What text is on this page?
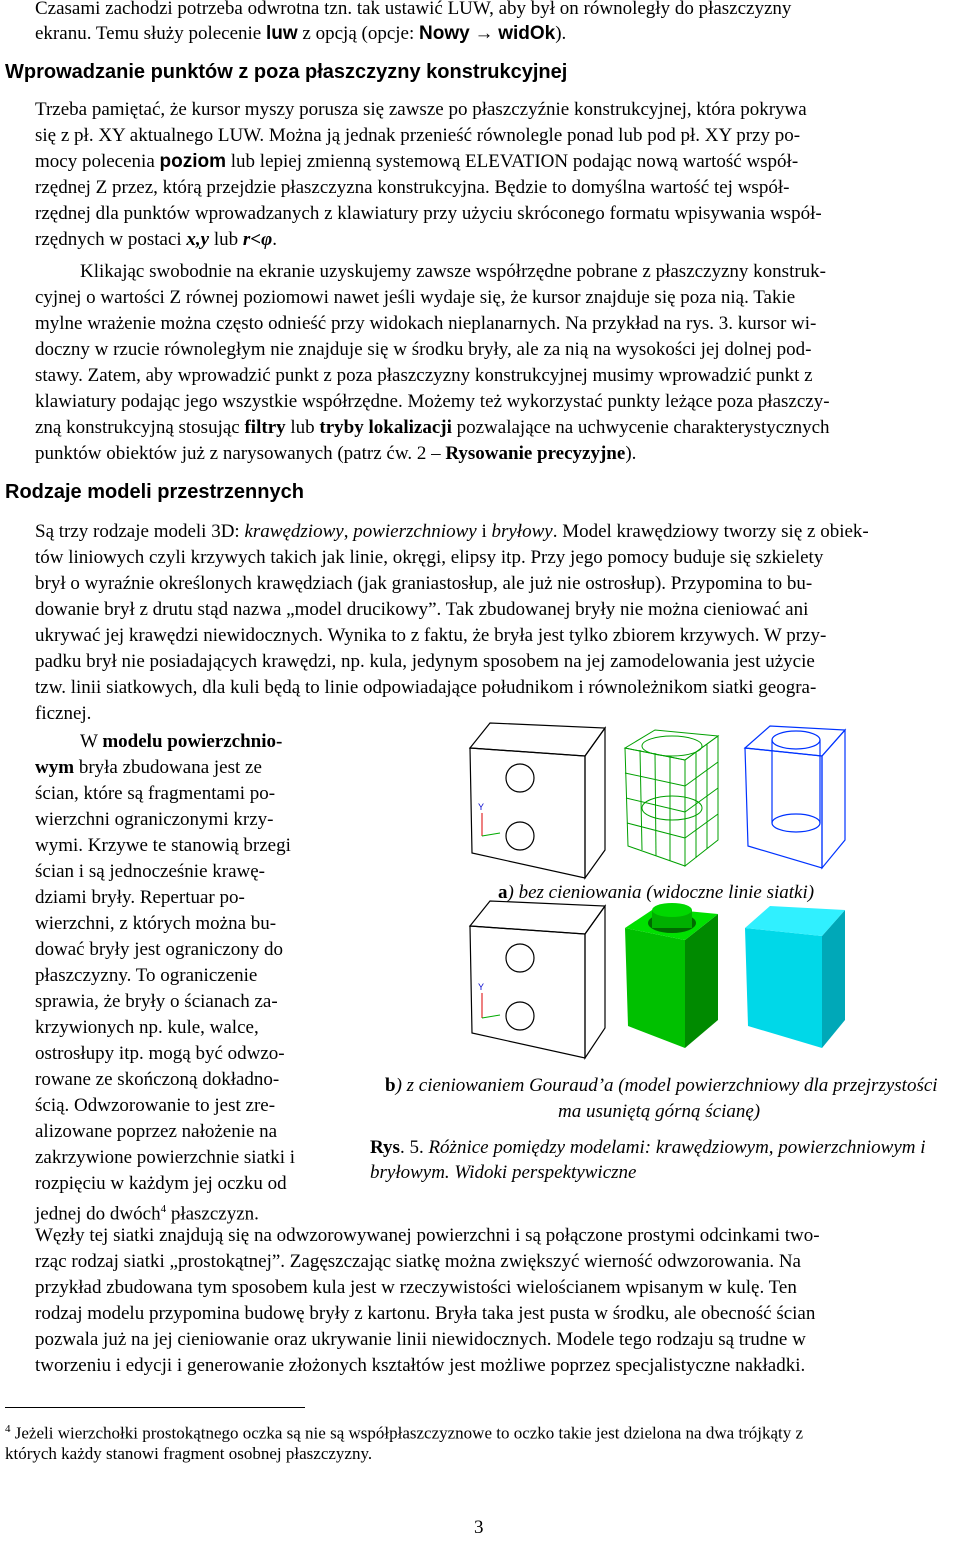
Czasami zachodzi potrzeba odwrotna tzn. tak ustawić LUW, aby był on równoległy do płaszczyzny
ekranu. Temu służy polecenie luw z opcją (opcje: Nowy → widOk).
Wprowadzanie punktów z poza płaszczyzny konstrukcyjnej
Trzeba pamiętać, że kursor myszy porusza się zawsze po płaszczyźnie konstrukcyjnej, która pokrywa
się z pł. XY aktualnego LUW. Można ją jednak przenieść równolegle ponad lub pod pł. XY przy po-
mocy polecenia poziom lub lepiej zmienną systemową ELEVATION podając nową wartość współ-
rzędnej Z przez, którą przejdzie płaszczyzna konstrukcyjna. Będzie to domyślna wartość tej współ-
rzędnej dla punktów wprowadzanych z klawiatury przy użyciu skróconego formatu wpisywania współ-
rzędnych w postaci x,y lub r<φ.
Klikając swobodnie na ekranie uzyskujemy zawsze współrzędne pobrane z płaszczyzny konstruk-
cyjnej o wartości Z równej poziomowi nawet jeśli wydaje się, że kursor znajduje się poza nią. Takie
mylne wrażenie można często odnieść przy widokach nieplanarnych. Na przykład na rys. 3. kursor wi-
doczny w rzucie równoległym nie znajduje się w środku bryły, ale za nią na wysokości jej dolnej pod-
stawy. Zatem, aby wprowadzić punkt z poza płaszczyzny konstrukcyjnej musimy wprowadzić punkt z
klawiatury podając jego wszystkie współrzędne. Możemy też wykorzystać punkty leżące poza płaszczy-
zną konstrukcyjną stosując filtry lub tryby lokalizacji pozwalające na uchwycenie charakterystycznych
punktów obiektów już z narysowanych (patrz ćw. 2 – Rysowanie precyzyjne).
Rodzaje modeli przestrzennych
Są trzy rodzaje modeli 3D: krawędziowy, powierzchniowy i bryłowy. Model krawędziowy tworzy się z obiek-
tów liniowych czyli krzywych takich jak linie, okręgi, elipsy itp. Przy jego pomocy buduje się szkielety
brył o wyraźnie określonych krawędziach (jak graniastosłup, ale już nie ostrosłup). Przypomina to bu-
dowanie brył z drutu stąd nazwa „model drucikowy”. Tak zbudowanej bryły nie można cieniować ani
ukrywać jej krawędzi niewidocznych. Wynika to z faktu, że bryła jest tylko zbiorem krzywych. W przy-
padku brył nie posiadających krawędzi, np. kula, jedynym sposobem na jej zamodelowania jest użycie
tzw. linii siatkowych, dla kuli będą to linie odpowiadające południkom i równoleżnikom siatki geogra-
ficznej.
W modelu powierzchnio-
wym bryła zbudowana jest ze
ścian, które są fragmentami po-
wierzchni ograniczonymi krzy-
wymi. Krzywe te stanowią brzegi
ścian i są jednocześnie krawę-
dziami bryły. Repertuar po-
wierzchni, z których można bu-
dować bryły jest ograniczony do
płaszczyzny. To ograniczenie
sprawia, że bryły o ścianach za-
krzywionych np. kule, walce,
ostrosłupy itp. mogą być odwzo-
rowane ze skończoną dokładno-
ścią. Odwzorowanie to jest zre-
alizowane poprzez nałożenie na
zakrzywione powierzchnie siatki i
rozpięciu w każdym jej oczku od
jednej do dwóch$^4$ płaszczyzn.
Y
Y
a) bez cieniowania (widoczne linie siatki)
b) z cieniowaniem Gouraud’a (model powierzchniowy dla przejrzystości
ma usuniętą górną ścianę)
Rys. 5. Różnice pomiędzy modelami: krawędziowym, powierzchniowym i
bryłowym. Widoki perspektywiczne
Węzły tej siatki znajdują się na odwzorowywanej powierzchni i są połączone prostymi odcinkami two-
rząc rodzaj siatki „prostokątnej”. Zagęszczając siatkę można zwiększyć wierność odwzorowania. Na
przykład zbudowana tym sposobem kula jest w rzeczywistości wielościanem wpisanym w kulę. Ten
rodzaj modelu przypomina budowę bryły z kartonu. Bryła taka jest pusta w środku, ale obecność ścian
pozwala już na jej cieniowanie oraz ukrywanie linii niewidocznych. Modele tego rodzaju są trudne w
tworzeniu i edycji i generowanie złożonych kształtów jest możliwe poprzez specjalistyczne nakładki.
$^4$ Jeżeli wierzchołki prostokątnego oczka są nie są współpłaszczyznowe to oczko takie jest dzielona na dwa trójkąty z
których każdy stanowi fragment osobnej płaszczyzny.
3
